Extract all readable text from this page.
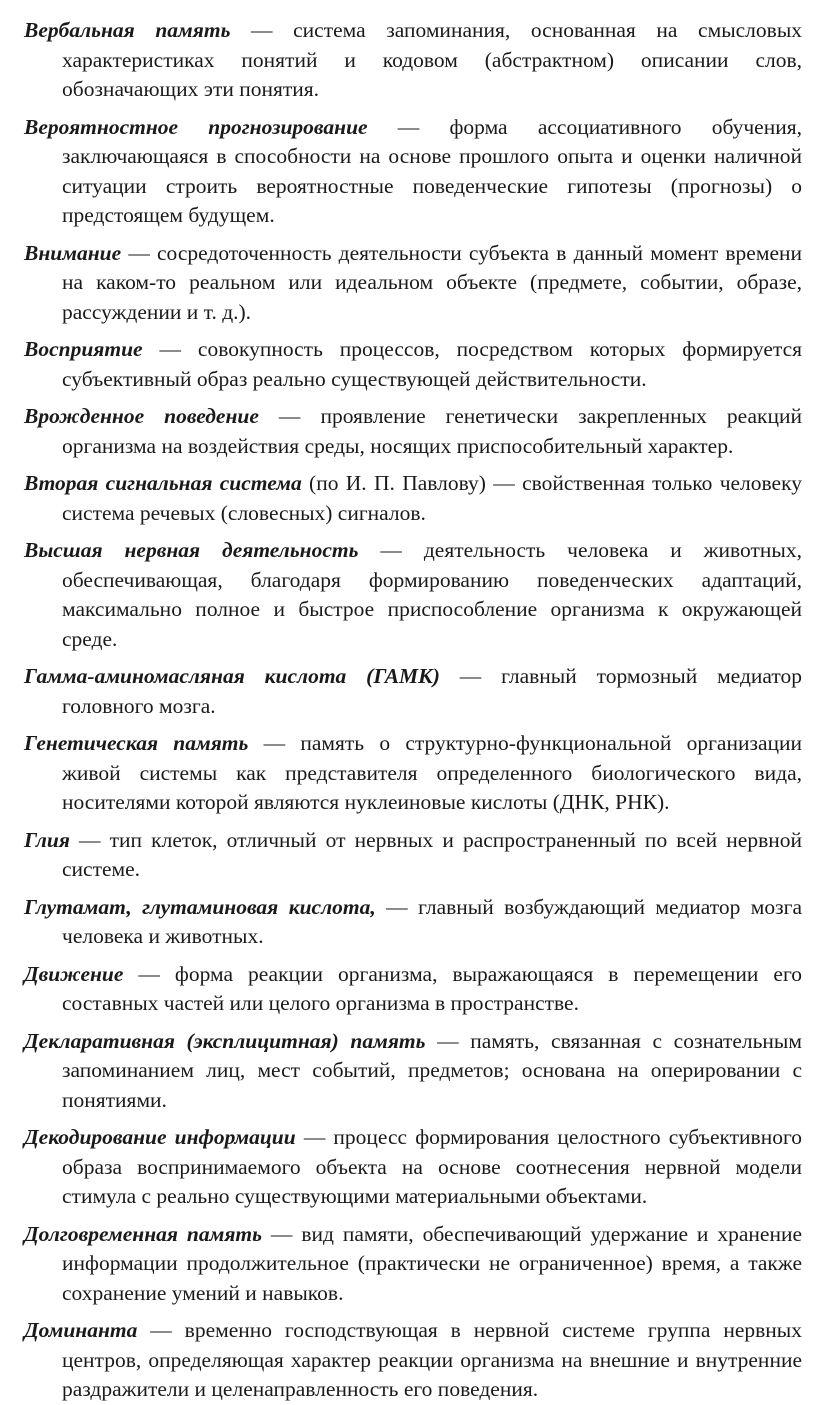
Вербальная память — система запоминания, основанная на смысловых характеристиках понятий и кодовом (абстрактном) описании слов, обозначающих эти понятия.

Вероятностное прогнозирование — форма ассоциативного обучения, заключающаяся в способности на основе прошлого опыта и оценки наличной ситуации строить вероятностные поведенческие гипотезы (прогнозы) о предстоящем будущем.

Внимание — сосредоточенность деятельности субъекта в данный момент времени на каком-то реальном или идеальном объекте (предмете, событии, образе, рассуждении и т. д.).

Восприятие — совокупность процессов, посредством которых формируется субъективный образ реально существующей действительности.

Врожденное поведение — проявление генетически закрепленных реакций организма на воздействия среды, носящих приспособительный характер.

Вторая сигнальная система (по И. П. Павлову) — свойственная только человеку система речевых (словесных) сигналов.

Высшая нервная деятельность — деятельность человека и животных, обеспечивающая, благодаря формированию поведенческих адаптаций, максимально полное и быстрое приспособление организма к окружающей среде.

Гамма-аминомасляная кислота (ГАМК) — главный тормозный медиатор головного мозга.

Генетическая память — память о структурно-функциональной организации живой системы как представителя определенного биологического вида, носителями которой являются нуклеиновые кислоты (ДНК, РНК).

Глия — тип клеток, отличный от нервных и распространенный по всей нервной системе.

Глутамат, глутаминовая кислота, — главный возбуждающий медиатор мозга человека и животных.

Движение — форма реакции организма, выражающаяся в перемещении его составных частей или целого организма в пространстве.

Декларативная (эксплицитная) память — память, связанная с сознательным запоминанием лиц, мест событий, предметов; основана на оперировании с понятиями.

Декодирование информации — процесс формирования целостного субъективного образа воспринимаемого объекта на основе соотнесения нервной модели стимула с реально существующими материальными объектами.

Долговременная память — вид памяти, обеспечивающий удержание и хранение информации продолжительное (практически не ограниченное) время, а также сохранение умений и навыков.

Доминанта — временно господствующая в нервной системе группа нервных центров, определяющая характер реакции организма на внешние и внутренние раздражители и целенаправленность его поведения.
